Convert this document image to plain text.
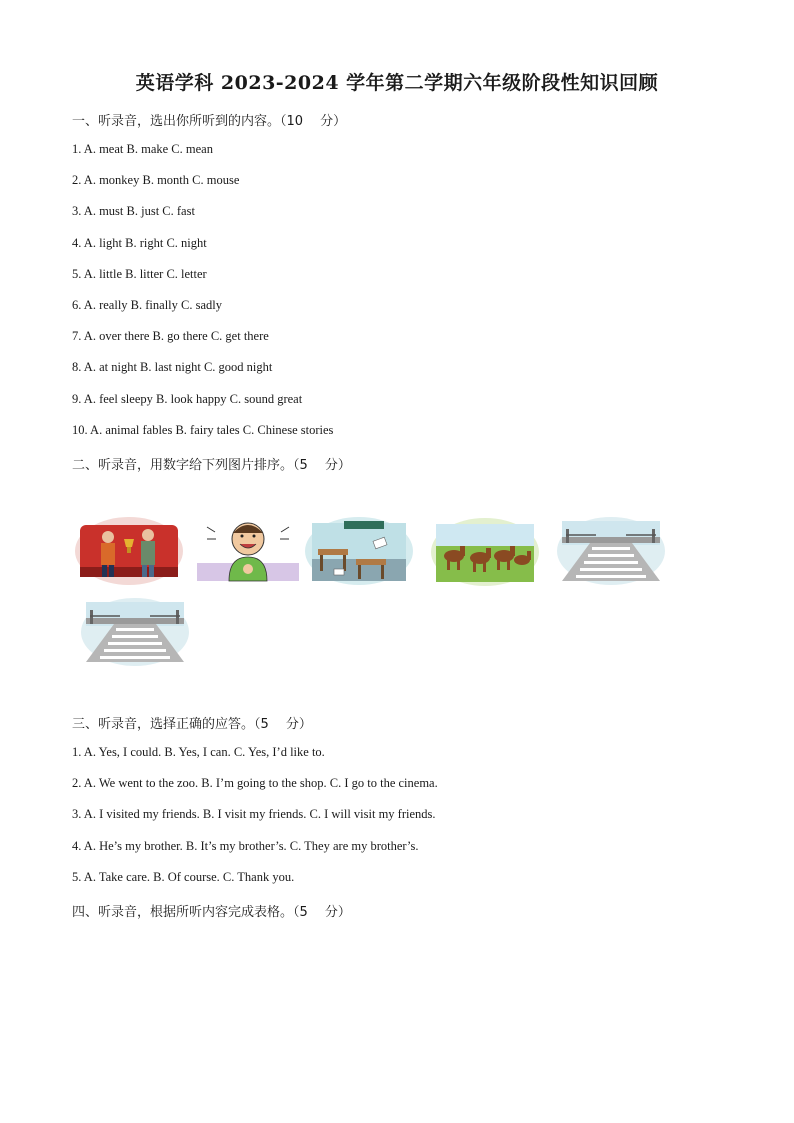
英语学科 2023-2024 学年第二学期六年级阶段性知识回顾
一、听录音，选出你所听到的内容。（10　 分）
1. A. meat B. make C. mean
2. A. monkey B. month C. mouse
3. A. must B. just C. fast
4. A. light B. right C. night
5. A. little B. litter C. letter
6. A. really B. finally C. sadly
7. A. over there B. go there C. get there
8. A. at night B. last night C. good night
9. A. feel sleepy B. look happy C. sound great
10. A. animal fables B. fairy tales C. Chinese stories
二、听录音，用数字给下列图片排序。（5　 分）
三、听录音，选择正确的应答。（5　 分）
1. A. Yes, I could. B. Yes, I can. C. Yes, I’d like to.
2. A. We went to the zoo. B. I’m going to the shop. C. I go to the cinema.
3. A. I visited my friends. B. I visit my friends. C. I will visit my friends.
4. A. He’s my brother. B. It’s my brother’s. C. They are my brother’s.
5. A. Take care. B. Of course. C. Thank you.
四、听录音，根据所听内容完成表格。（5　 分）
